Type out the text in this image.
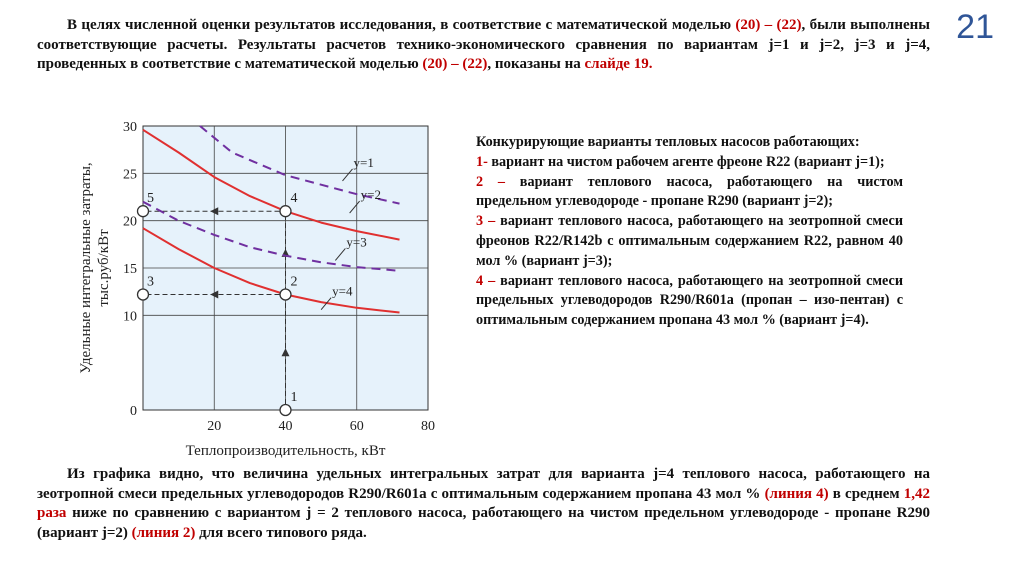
21
В целях численной оценки результатов исследования, в соответствие с математической моделью (20) – (22), были выполнены соответствующие расчеты. Результаты расчетов технико-экономического сравнения по вариантам j=1 и j=2, j=3 и j=4, проведенных в соответствие с математической моделью (20) – (22), показаны на слайде 19.
20	40	60	80
0
10
15
20
25
30
Теплопроизводительность, кВт
Удельные интегральные затраты, тыс.руб/кВт
y=1
y=2
y=3
y=4
1
2
3
4
5

Конкурирующие варианты тепловых насосов работающих:

1- вариант на чистом рабочем агенте фреоне R22 (вариант j=1);

2 – вариант теплового насоса, работающего на чистом предельном углеводороде - пропане R290 (вариант j=2);

3 – вариант теплового насоса, работающего на зеотропной смеси фреонов R22/R142b с оптимальным содержанием R22, равном 40 мол % (вариант j=3);

4 – вариант теплового насоса, работающего на зеотропной смеси предельных углеводородов R290/R601а (пропан – изо-пентан) с оптимальным содержанием пропана 43 мол % (вариант j=4).

Из графика видно, что величина удельных интегральных затрат для варианта j=4 теплового насоса, работающего на зеотропной смеси предельных углеводородов R290/R601а с оптимальным содержанием пропана 43 мол % (линия 4) в среднем 1,42 раза ниже по сравнению с вариантом j = 2 теплового насоса, работающего на чистом предельном углеводороде - пропане R290 (вариант j=2) (линия 2) для всего типового ряда.
